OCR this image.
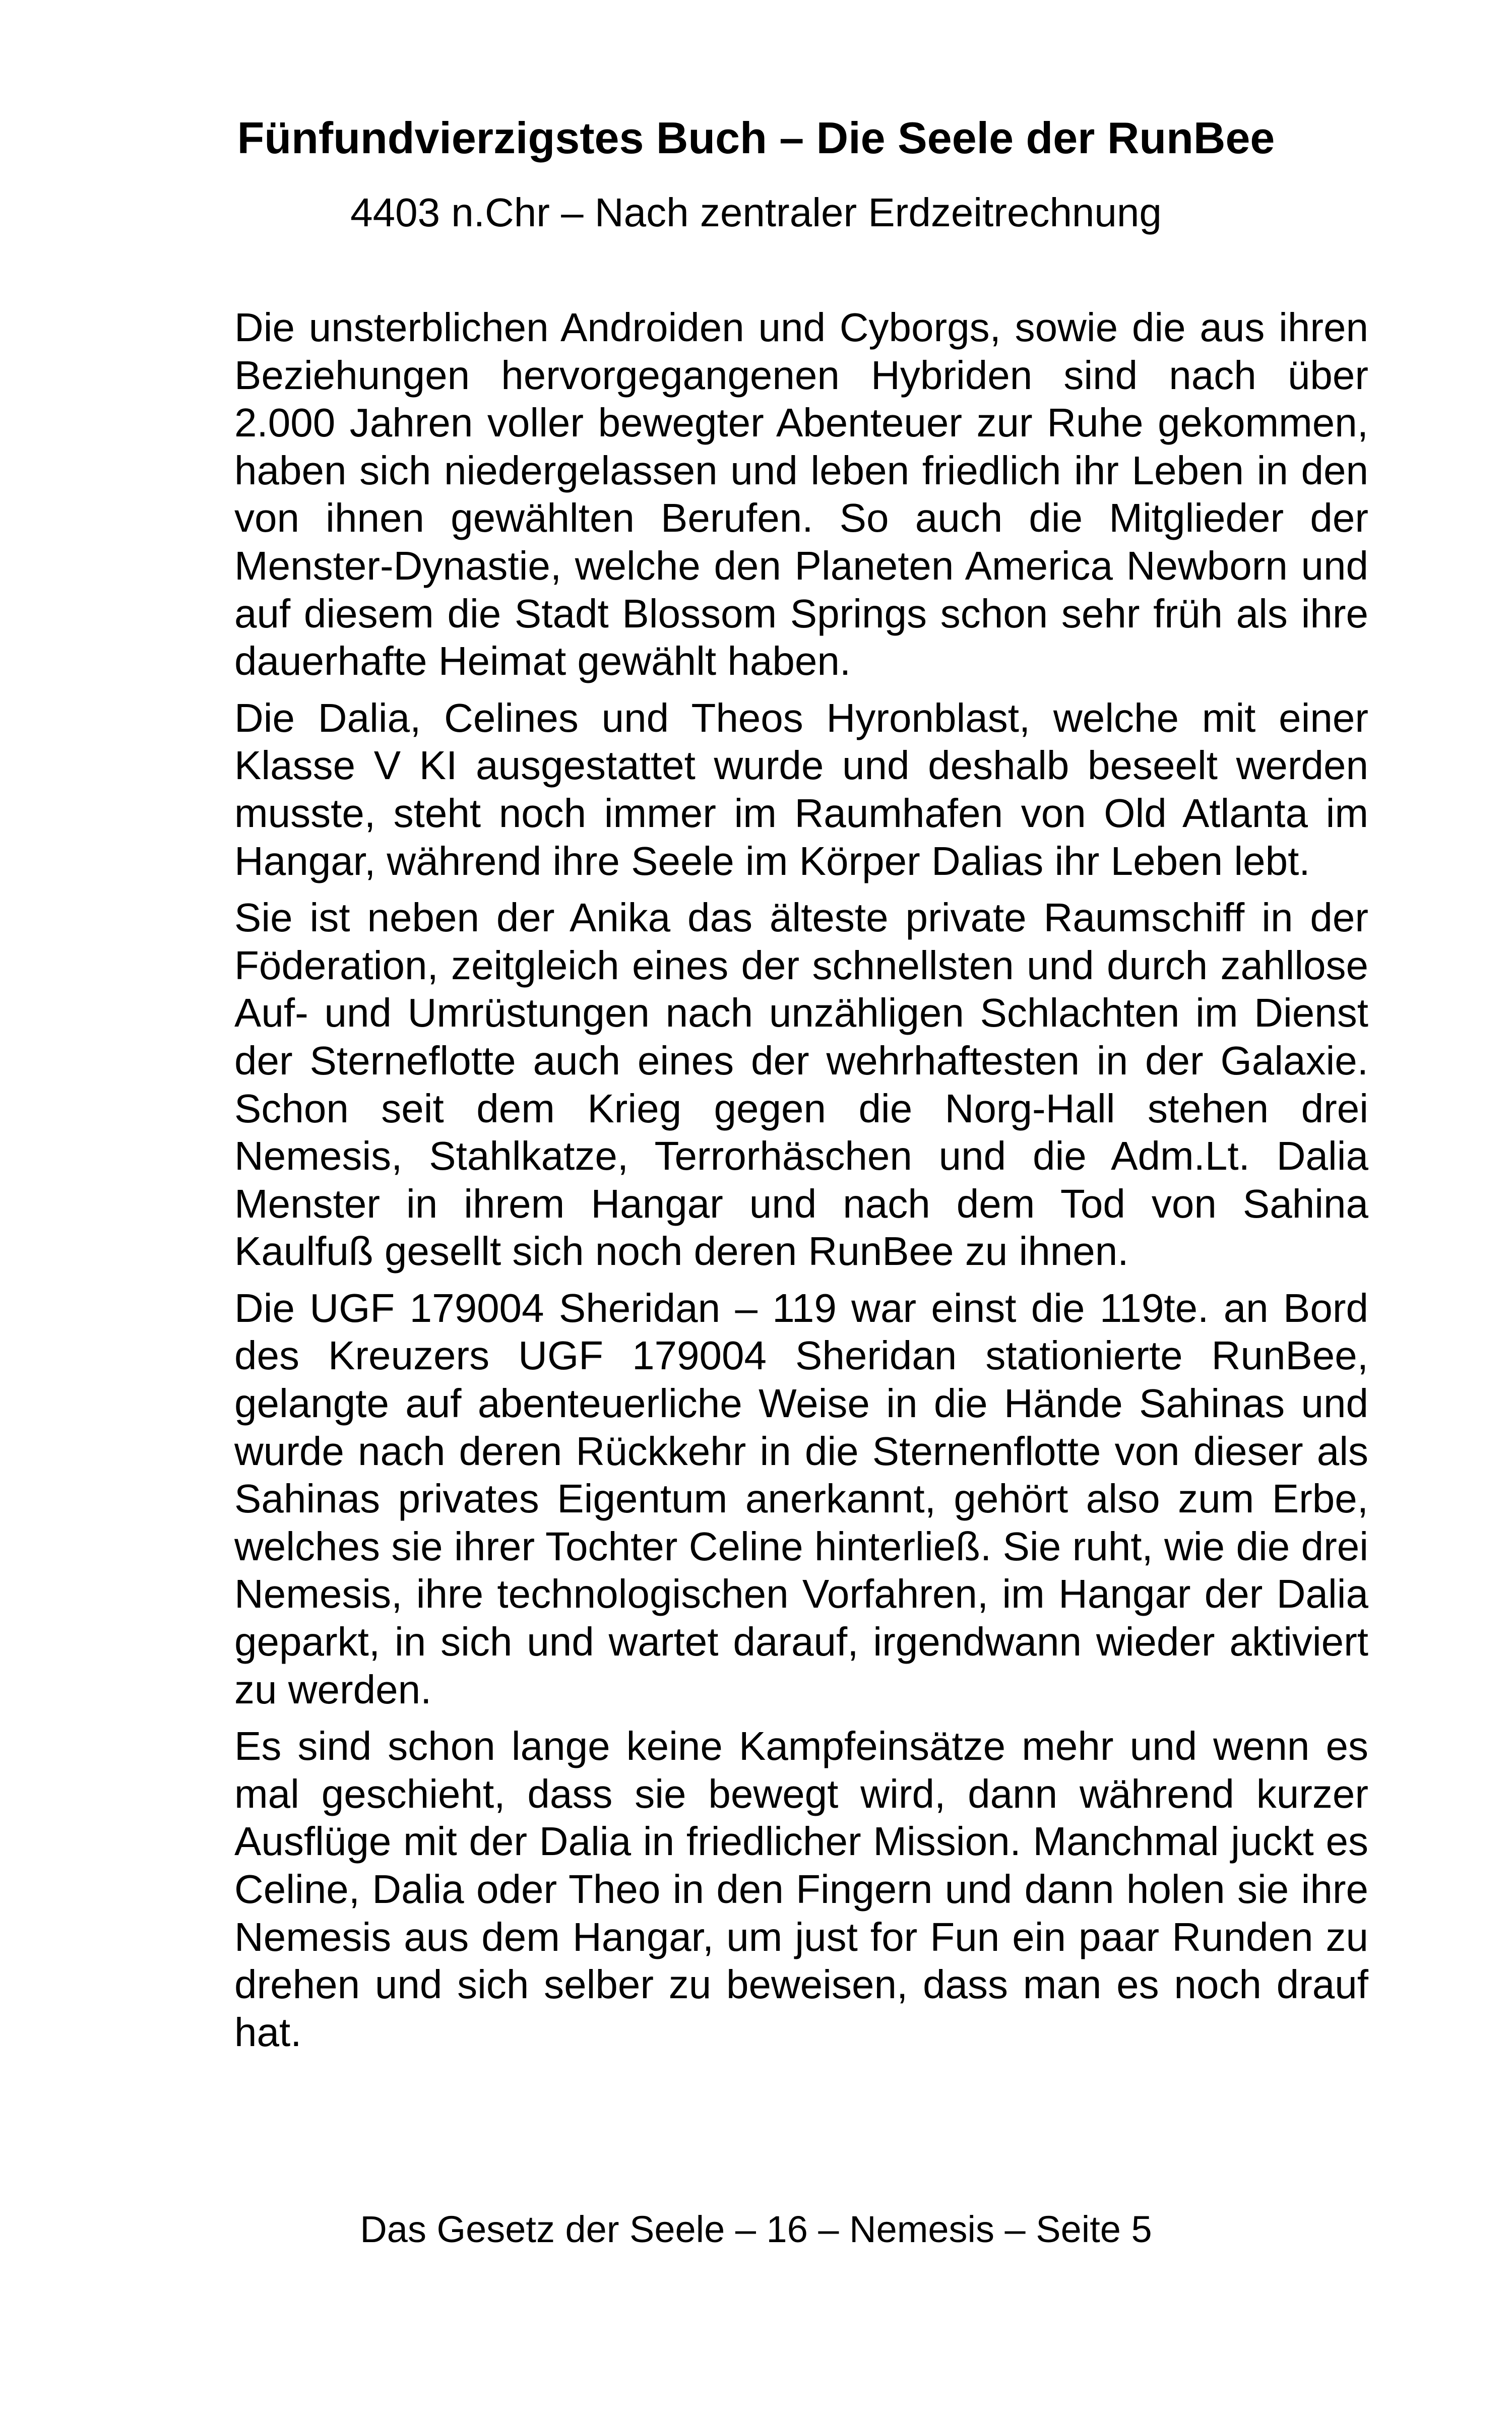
Fünfundvierzigstes Buch – Die Seele der RunBee
4403 n.Chr – Nach zentraler Erdzeitrechnung

Die unsterblichen Androiden und Cyborgs, sowie die aus ihren Beziehungen hervorgegangenen Hybriden sind nach über 2.000 Jahren voller bewegter Abenteuer zur Ruhe gekommen, haben sich niedergelassen und leben friedlich ihr Leben in den von ihnen gewählten Berufen. So auch die Mitglieder der Menster-Dynastie, welche den Planeten America Newborn und auf diesem die Stadt Blossom Springs schon sehr früh als ihre dauerhafte Heimat gewählt haben.

Die Dalia, Celines und Theos Hyronblast, welche mit einer Klasse V KI ausgestattet wurde und deshalb beseelt werden musste, steht noch immer im Raumhafen von Old Atlanta im Hangar, während ihre Seele im Körper Dalias ihr Leben lebt.

Sie ist neben der Anika das älteste private Raumschiff in der Föderation, zeitgleich eines der schnellsten und durch zahllose Auf- und Umrüstungen nach unzähligen Schlachten im Dienst der Sterneflotte auch eines der wehrhaftesten in der Galaxie. Schon seit dem Krieg gegen die Norg-Hall stehen drei Nemesis, Stahlkatze, Terrorhäschen und die Adm.Lt. Dalia Menster in ihrem Hangar und nach dem Tod von Sahina Kaulfuß gesellt sich noch deren RunBee zu ihnen.

Die UGF 179004 Sheridan – 119 war einst die 119te. an Bord des Kreuzers UGF 179004 Sheridan stationierte RunBee, gelangte auf abenteuerliche Weise in die Hände Sahinas und wurde nach deren Rückkehr in die Sternenflotte von dieser als Sahinas privates Eigentum anerkannt, gehört also zum Erbe, welches sie ihrer Tochter Celine hinterließ. Sie ruht, wie die drei Nemesis, ihre technologischen Vorfahren, im Hangar der Dalia geparkt, in sich und wartet darauf, irgendwann wieder aktiviert zu werden.

Es sind schon lange keine Kampfeinsätze mehr und wenn es mal geschieht, dass sie bewegt wird, dann während kurzer Ausflüge mit der Dalia in friedlicher Mission. Manchmal juckt es Celine, Dalia oder Theo in den Fingern und dann holen sie ihre Nemesis aus dem Hangar, um just for Fun ein paar Runden zu drehen und sich selber zu beweisen, dass man es noch drauf hat.

Das Gesetz der Seele – 16 – Nemesis – Seite 5
